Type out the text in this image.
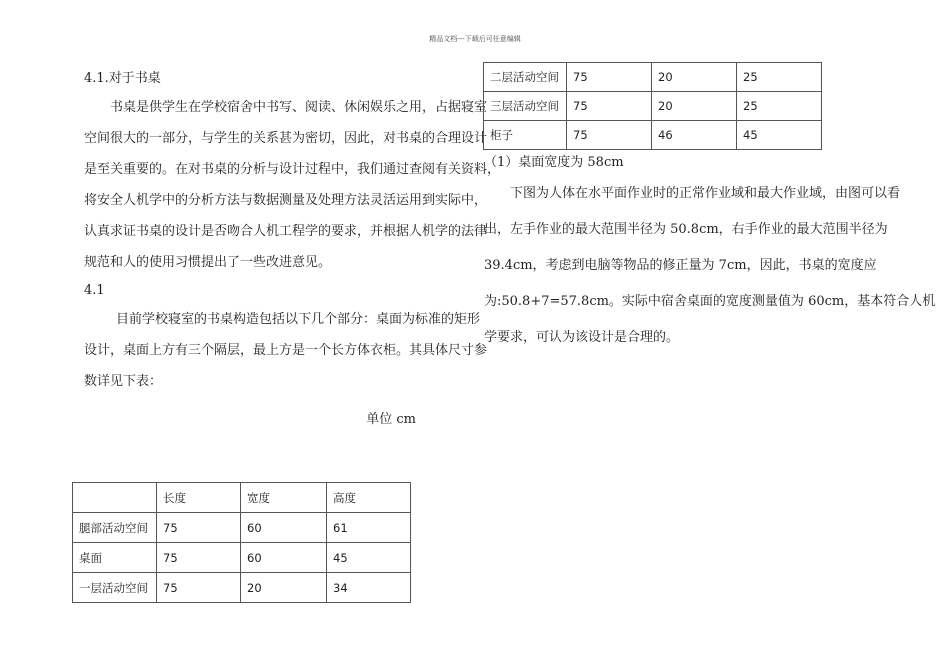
精品文档---下载后可任意编辑

4.1.对于书桌

书桌是供学生在学校宿舍中书写、阅读、休闲娱乐之用，占据寝室

空间很大的一部分，与学生的关系甚为密切，因此，对书桌的合理设计

是至关重要的。在对书桌的分析与设计过程中，我们通过查阅有关资料，

将安全人机学中的分析方法与数据测量及处理方法灵活运用到实际中，

认真求证书桌的设计是否吻合人机工程学的要求，并根据人机学的法律

规范和人的使用习惯提出了一些改进意见。

4.1

目前学校寝室的书桌构造包括以下几个部分：桌面为标准的矩形

设计，桌面上方有三个隔层，最上方是一个长方体衣柜。其具体尺寸参

数详见下表：

单位 cm

	长度	宽度	高度
腿部活动空间	75	60	61
桌面	75	60	45
一层活动空间	75	20	34
二层活动空间	75	20	25
三层活动空间	75	20	25
柜子	75	46	45

（1）桌面宽度为 58cm

下图为人体在水平面作业时的正常作业域和最大作业域，由图可以看

出，左手作业的最大范围半径为 50.8cm，右手作业的最大范围半径为

39.4cm，考虑到电脑等物品的修正量为 7cm，因此，书桌的宽度应

为:50.8+7=57.8cm。实际中宿舍桌面的宽度测量值为 60cm，基本符合人机

学要求，可认为该设计是合理的。
